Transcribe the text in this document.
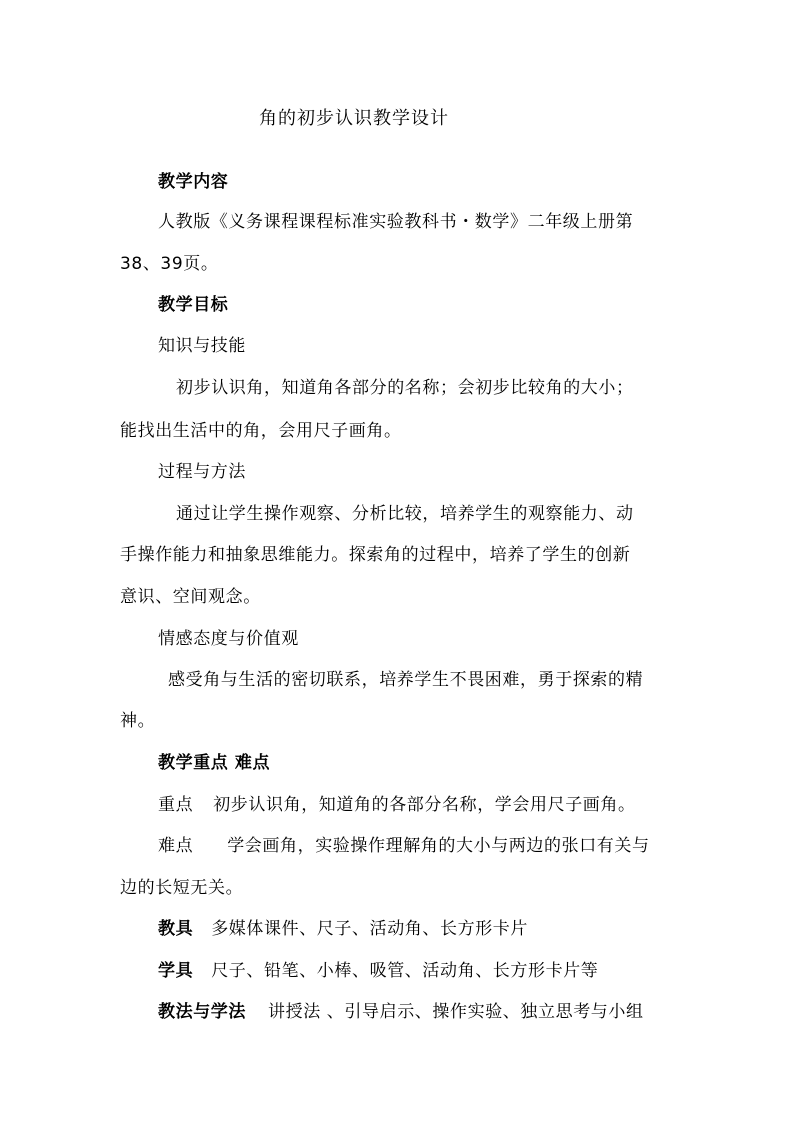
角的初步认识教学设计
教学内容
人教版《义务课程课程标准实验教科书・数学》二年级上册第
38、39页。
教学目标
知识与技能
初步认识角，知道角各部分的名称；会初步比较角的大小；
能找出生活中的角，会用尺子画角。
过程与方法
通过让学生操作观察、分析比较，培养学生的观察能力、动
手操作能力和抽象思维能力。探索角的过程中，培养了学生的创新
意识、空间观念。
情感态度与价值观
感受角与生活的密切联系，培养学生不畏困难，勇于探索的精
神。
教学重点 难点
重点 初步认识角，知道角的各部分名称，学会用尺子画角。
难点 学会画角，实验操作理解角的大小与两边的张口有关与
边的长短无关。
教具 多媒体课件、尺子、活动角、长方形卡片
学具 尺子、铅笔、小棒、吸管、活动角、长方形卡片等
教法与学法 讲授法 、引导启示、操作实验、独立思考与小组
